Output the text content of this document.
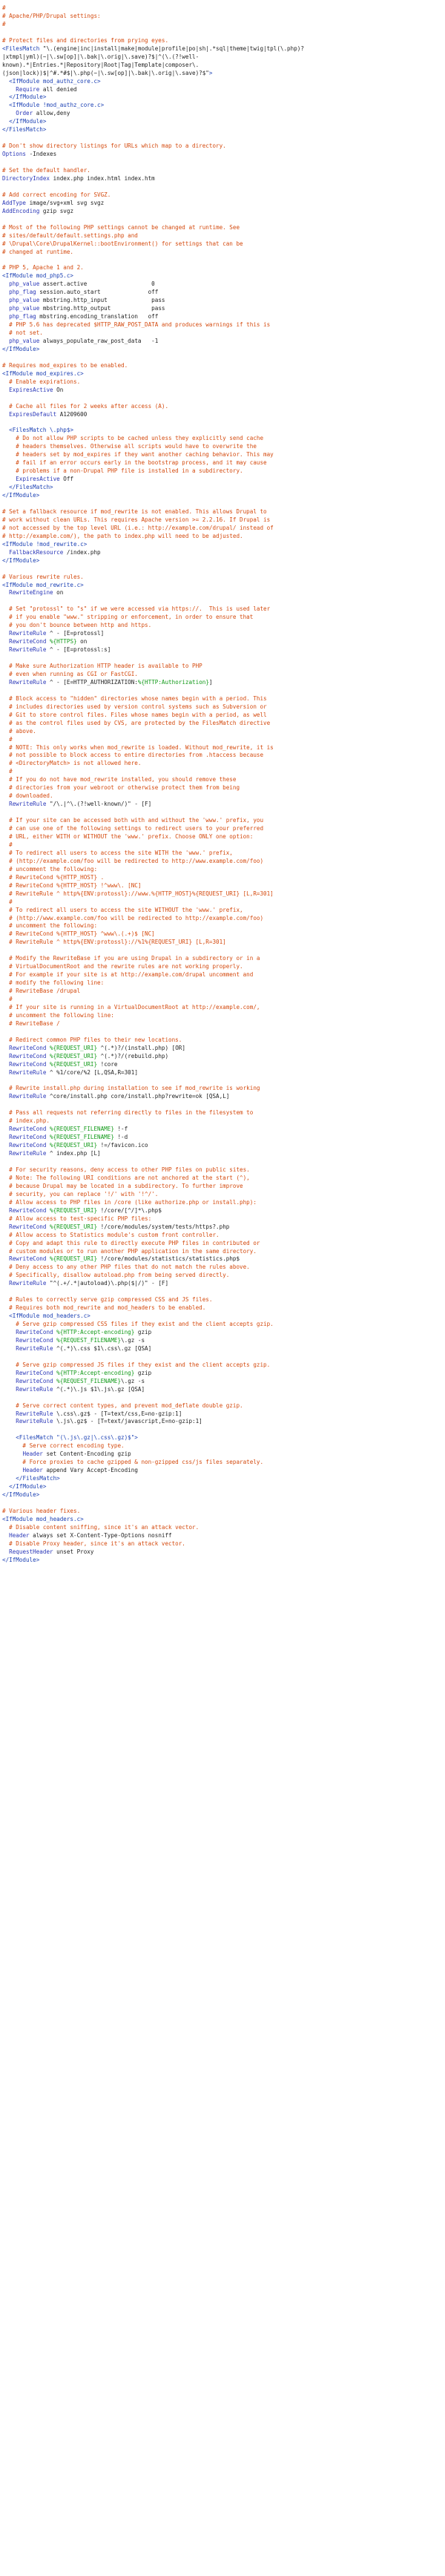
#
# Apache/PHP/Drupal settings:
#
# Protect files and directories from prying eyes.
<FilesMatch "\.(engine|inc|install|make|module|profile|po|sh|.*sql|theme|twig|tpl(\.php)?
|xtmpl|yml)(~|\.sw[op]|\.bak|\.orig|\.save)?$|^(\.(?!well-
known).*|Entries.*|Repository|Root|Tag|Template|composer\.
(json|lock))$|^#.*#$|\.php(~|\.sw[op]|\.bak|\.orig|\.save)?$">
<IfModule mod_authz_core.c>
Require all denied
</IfModule>
<IfModule !mod_authz_core.c>
Order allow,deny
</IfModule>
</FilesMatch>
# Don't show directory listings for URLs which map to a directory.
Options -Indexes
# Set the default handler.
DirectoryIndex index.php index.html index.htm
# Add correct encoding for SVGZ.
AddType image/svg+xml svg svgz
AddEncoding gzip svgz
# Most of the following PHP settings cannot be changed at runtime. See
# sites/default/default.settings.php and
# \Drupal\Core\DrupalKernel::bootEnvironment() for settings that can be
# changed at runtime.
# PHP 5, Apache 1 and 2.
<IfModule mod_php5.c>
php_value assert.active                   0
php_flag session.auto_start              off
php_value mbstring.http_input             pass
php_value mbstring.http_output            pass
php_flag mbstring.encoding_translation   off
# PHP 5.6 has deprecated $HTTP_RAW_POST_DATA and produces warnings if this is
# not set.
php_value always_populate_raw_post_data   -1
</IfModule>
# Requires mod_expires to be enabled.
<IfModule mod_expires.c>
# Enable expirations.
ExpiresActive On
# Cache all files for 2 weeks after access (A).
ExpiresDefault A1209600
<FilesMatch \.php$>
# Do not allow PHP scripts to be cached unless they explicitly send cache
# headers themselves. Otherwise all scripts would have to overwrite the
# headers set by mod_expires if they want another caching behavior. This may
# fail if an error occurs early in the bootstrap process, and it may cause
# problems if a non-Drupal PHP file is installed in a subdirectory.
ExpiresActive Off
</FilesMatch>
</IfModule>
# Set a fallback resource if mod_rewrite is not enabled. This allows Drupal to
# work without clean URLs. This requires Apache version >= 2.2.16. If Drupal is
# not accessed by the top level URL (i.e.: http://example.com/drupal/ instead of
# http://example.com/), the path to index.php will need to be adjusted.
<IfModule !mod_rewrite.c>
FallbackResource /index.php
</IfModule>
# Various rewrite rules.
<IfModule mod_rewrite.c>
RewriteEngine on
# Set "protossl" to "s" if we were accessed via https://.  This is used later
# if you enable "www." stripping or enforcement, in order to ensure that
# you don't bounce between http and https.
RewriteRule ^ - [E=protossl]
RewriteCond %{HTTPS} on
RewriteRule ^ - [E=protossl:s]
# Make sure Authorization HTTP header is available to PHP
# even when running as CGI or FastCGI.
RewriteRule ^ - [E=HTTP_AUTHORIZATION:%{HTTP:Authorization}]
# Block access to "hidden" directories whose names begin with a period. This
# includes directories used by version control systems such as Subversion or
# Git to store control files. Files whose names begin with a period, as well
# as the control files used by CVS, are protected by the FilesMatch directive
# above.
#
# NOTE: This only works when mod_rewrite is loaded. Without mod_rewrite, it is
# not possible to block access to entire directories from .htaccess because
# <DirectoryMatch> is not allowed here.
#
# If you do not have mod_rewrite installed, you should remove these
# directories from your webroot or otherwise protect them from being
# downloaded.
RewriteRule "/\.|^\.(?!well-known/)" - [F]
# If your site can be accessed both with and without the 'www.' prefix, you
# can use one of the following settings to redirect users to your preferred
# URL, either WITH or WITHOUT the 'www.' prefix. Choose ONLY one option:
#
# To redirect all users to access the site WITH the 'www.' prefix,
# (http://example.com/foo will be redirected to http://www.example.com/foo)
# uncomment the following:
# RewriteCond %{HTTP_HOST} .
# RewriteCond %{HTTP_HOST} !^www\. [NC]
# RewriteRule ^ http%{ENV:protossl}://www.%{HTTP_HOST}%{REQUEST_URI} [L,R=301]
#
# To redirect all users to access the site WITHOUT the 'www.' prefix,
# (http://www.example.com/foo will be redirected to http://example.com/foo)
# uncomment the following:
# RewriteCond %{HTTP_HOST} ^www\.(.+)$ [NC]
# RewriteRule ^ http%{ENV:protossl}://%1%{REQUEST_URI} [L,R=301]
# Modify the RewriteBase if you are using Drupal in a subdirectory or in a
# VirtualDocumentRoot and the rewrite rules are not working properly.
# For example if your site is at http://example.com/drupal uncomment and
# modify the following line:
# RewriteBase /drupal
#
# If your site is running in a VirtualDocumentRoot at http://example.com/,
# uncomment the following line:
# RewriteBase /
# Redirect common PHP files to their new locations.
RewriteCond %{REQUEST_URI} ^(.*)?/(install.php) [OR]
RewriteCond %{REQUEST_URI} ^(.*)?/(rebuild.php)
RewriteCond %{REQUEST_URI} !core
RewriteRule ^ %1/core/%2 [L,QSA,R=301]
# Rewrite install.php during installation to see if mod_rewrite is working
RewriteRule ^core/install.php core/install.php?rewrite=ok [QSA,L]
# Pass all requests not referring directly to files in the filesystem to
# index.php.
RewriteCond %{REQUEST_FILENAME} !-f
RewriteCond %{REQUEST_FILENAME} !-d
RewriteCond %{REQUEST_URI} !=/favicon.ico
RewriteRule ^ index.php [L]
# For security reasons, deny access to other PHP files on public sites.
# Note: The following URI conditions are not anchored at the start (^),
# because Drupal may be located in a subdirectory. To further improve
# security, you can replace '!/' with '!^/'.
# Allow access to PHP files in /core (like authorize.php or install.php):
RewriteCond %{REQUEST_URI} !/core/[^/]*\.php$
# Allow access to test-specific PHP files:
RewriteCond %{REQUEST_URI} !/core/modules/system/tests/https?.php
# Allow access to Statistics module's custom front controller.
# Copy and adapt this rule to directly execute PHP files in contributed or
# custom modules or to run another PHP application in the same directory.
RewriteCond %{REQUEST_URI} !/core/modules/statistics/statistics.php$
# Deny access to any other PHP files that do not match the rules above.
# Specifically, disallow autoload.php from being served directly.
RewriteRule "^(.+/.*|autoload)\.php($|/)" - [F]
# Rules to correctly serve gzip compressed CSS and JS files.
# Requires both mod_rewrite and mod_headers to be enabled.
<IfModule mod_headers.c>
# Serve gzip compressed CSS files if they exist and the client accepts gzip.
RewriteCond %{HTTP:Accept-encoding} gzip
RewriteCond %{REQUEST_FILENAME}\.gz -s
RewriteRule ^(.*)\.css $1\.css\.gz [QSA]
# Serve gzip compressed JS files if they exist and the client accepts gzip.
RewriteCond %{HTTP:Accept-encoding} gzip
RewriteCond %{REQUEST_FILENAME}\.gz -s
RewriteRule ^(.*)\.js $1\.js\.gz [QSA]
# Serve correct content types, and prevent mod_deflate double gzip.
RewriteRule \.css\.gz$ - [T=text/css,E=no-gzip:1]
RewriteRule \.js\.gz$ - [T=text/javascript,E=no-gzip:1]
<FilesMatch "(\.js\.gz|\.css\.gz)$">
# Serve correct encoding type.
Header set Content-Encoding gzip
# Force proxies to cache gzipped & non-gzipped css/js files separately.
Header append Vary Accept-Encoding
</FilesMatch>
</IfModule>
</IfModule>
# Various header fixes.
<IfModule mod_headers.c>
# Disable content sniffing, since it's an attack vector.
Header always set X-Content-Type-Options nosniff
# Disable Proxy header, since it's an attack vector.
RequestHeader unset Proxy
</IfModule>
